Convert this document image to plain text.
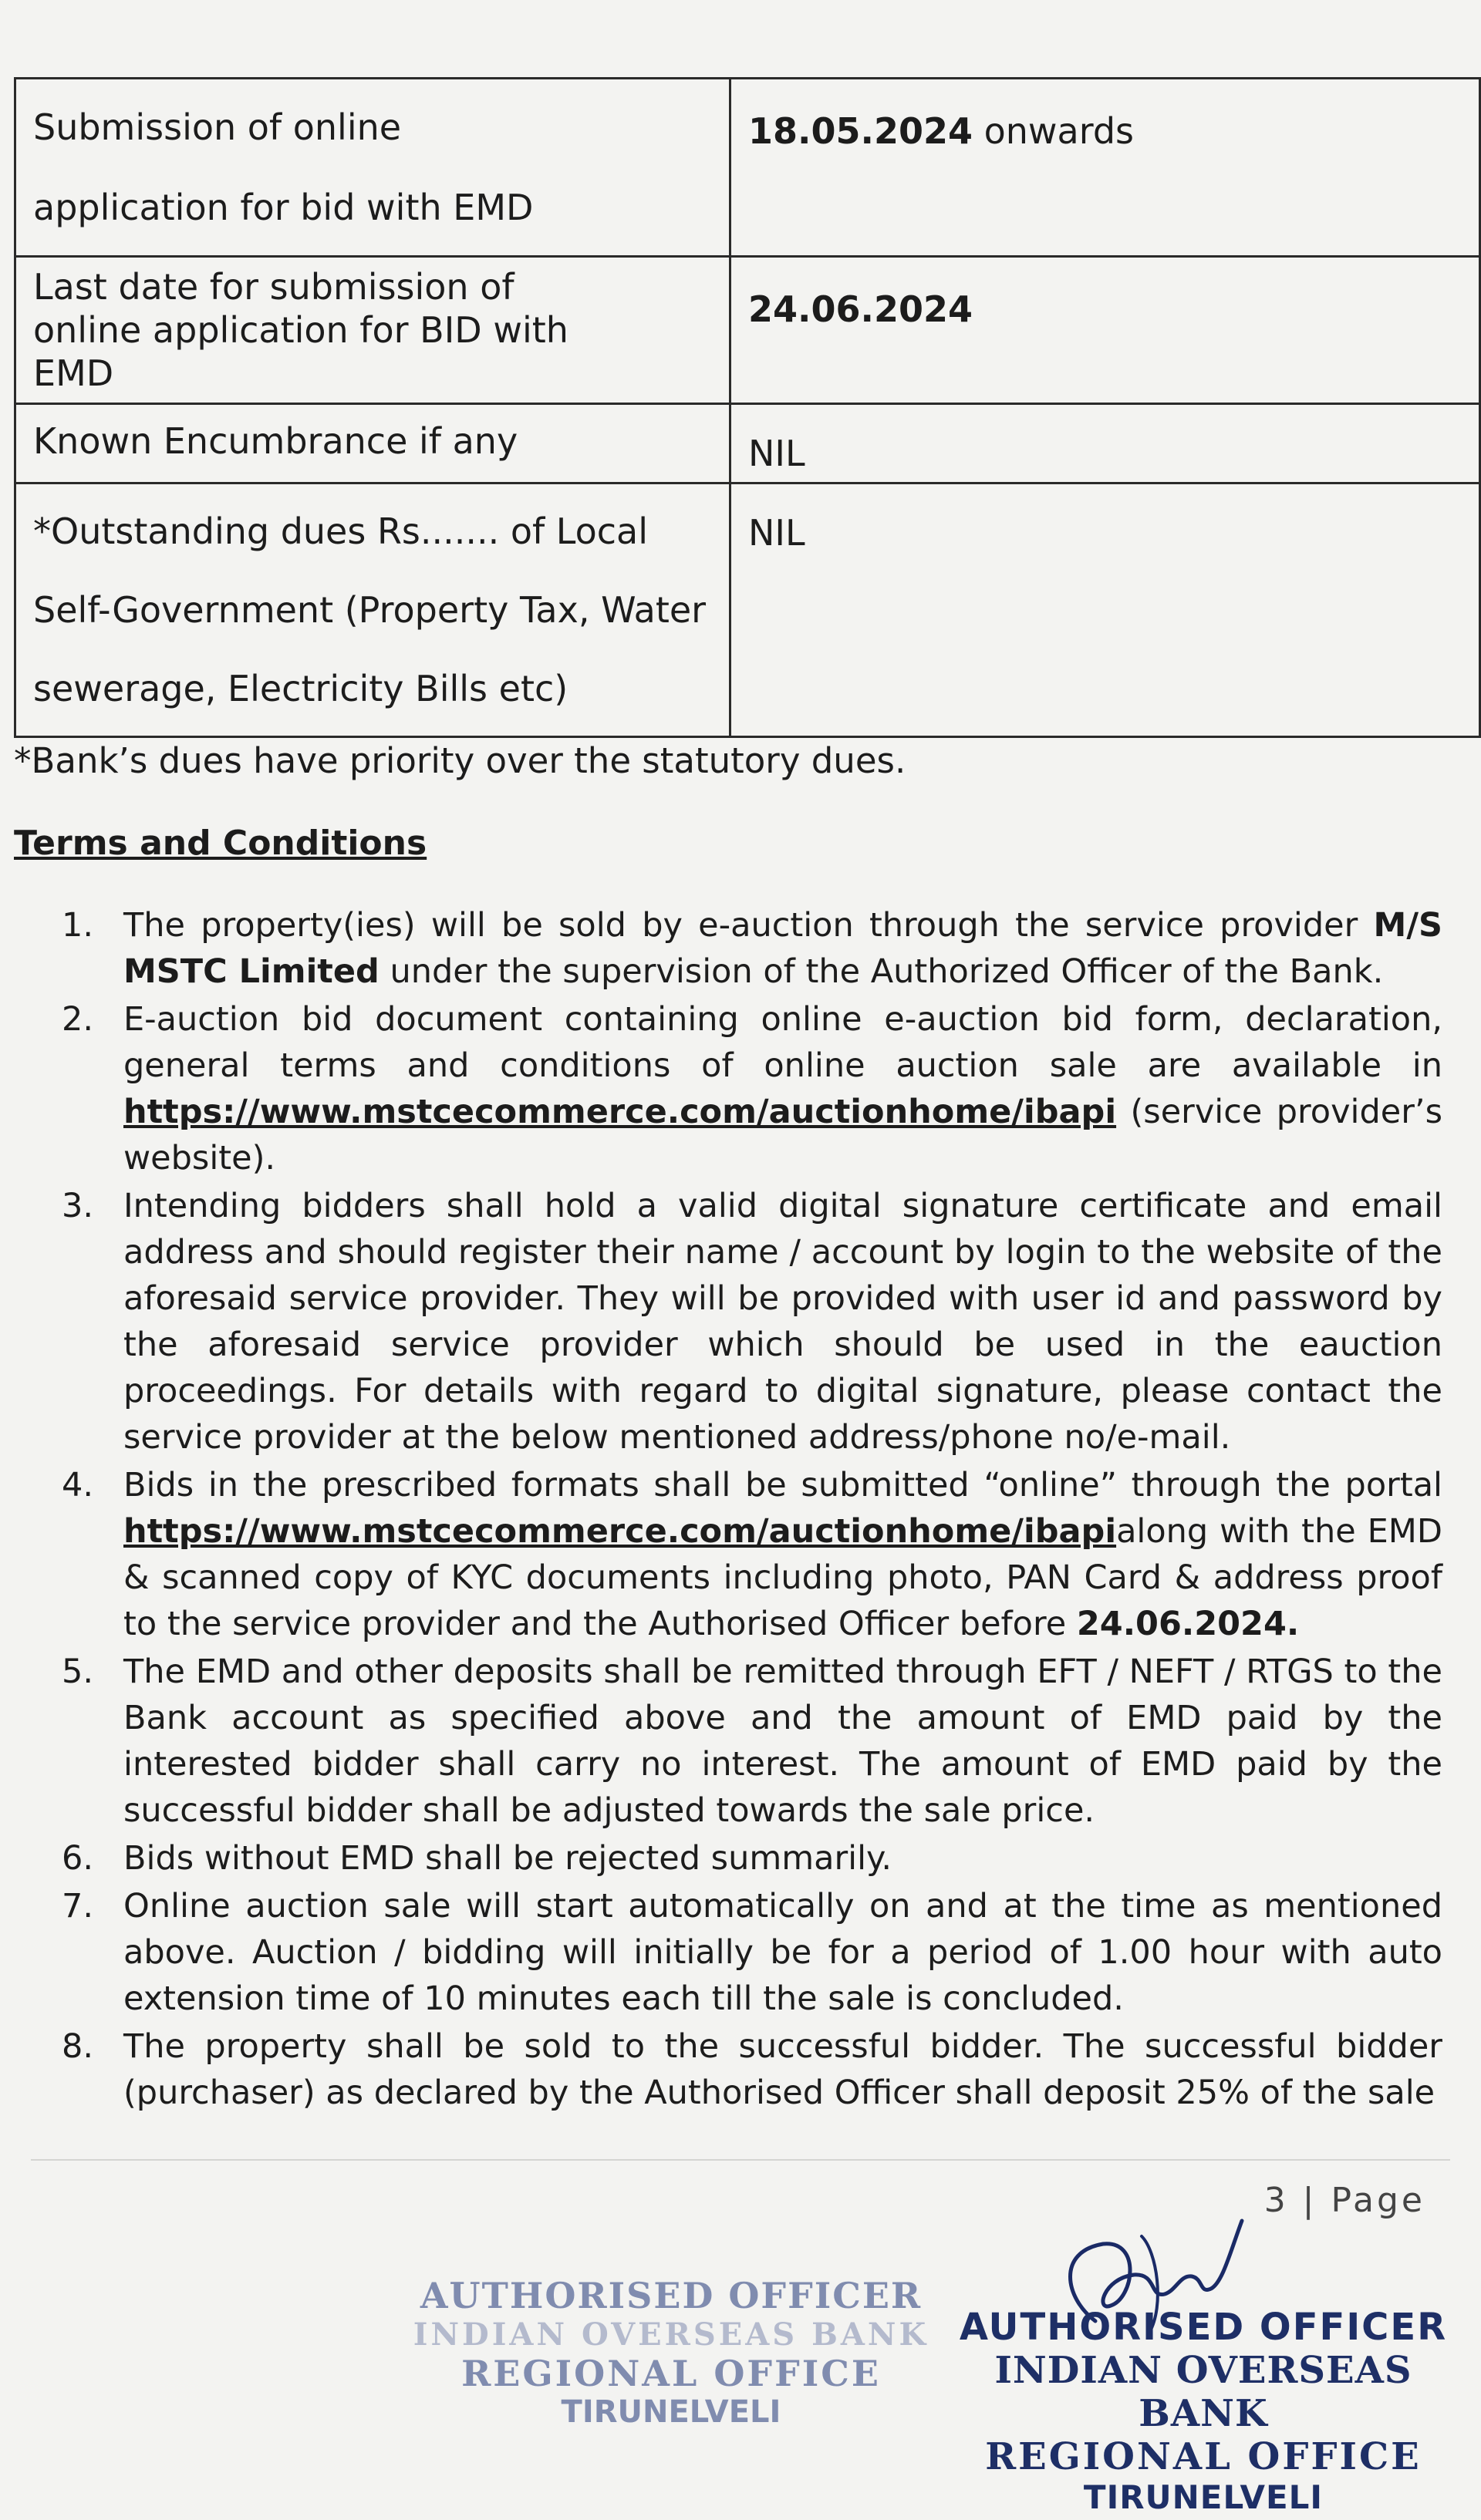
Submission of online
application for bid with EMD	18.05.2024 onwards

Last date for submission of
online application for BID with
EMD	24.06.2024

Known Encumbrance if any	NIL

*Outstanding dues Rs....... of Local
Self-Government (Property Tax, Water
sewerage, Electricity Bills etc)	NIL
*Bank’s dues have priority over the statutory dues.
Terms and Conditions
1. The property(ies) will be sold by e-auction through the service provider M/S MSTC Limited under the supervision of the Authorized Officer of the Bank.
2. E-auction bid document containing online e-auction bid form, declaration, general terms and conditions of online auction sale are available in https://www.mstcecommerce.com/auctionhome/ibapi (service provider’s website).
3. Intending bidders shall hold a valid digital signature certificate and email address and should register their name / account by login to the website of the aforesaid service provider. They will be provided with user id and password by the aforesaid service provider which should be used in the eauction proceedings. For details with regard to digital signature, please contact the service provider at the below mentioned address/phone no/e-mail.
4. Bids in the prescribed formats shall be submitted “online” through the portal https://www.mstcecommerce.com/auctionhome/ibapialong with the EMD & scanned copy of KYC documents including photo, PAN Card & address proof to the service provider and the Authorised Officer before 24.06.2024.
5. The EMD and other deposits shall be remitted through EFT / NEFT / RTGS to the Bank account as specified above and the amount of EMD paid by the interested bidder shall carry no interest. The amount of EMD paid by the successful bidder shall be adjusted towards the sale price.
6. Bids without EMD shall be rejected summarily.
7. Online auction sale will start automatically on and at the time as mentioned above. Auction / bidding will initially be for a period of 1.00 hour with auto extension time of 10 minutes each till the sale is concluded.
8. The property shall be sold to the successful bidder. The successful bidder (purchaser) as declared by the Authorised Officer shall deposit 25% of the sale
3 | Page
AUTHORISED OFFICER
INDIAN OVERSEAS BANK
REGIONAL OFFICE
TIRUNELVELI
AUTHORISED OFFICER
INDIAN OVERSEAS BANK
REGIONAL OFFICE
TIRUNELVELI
